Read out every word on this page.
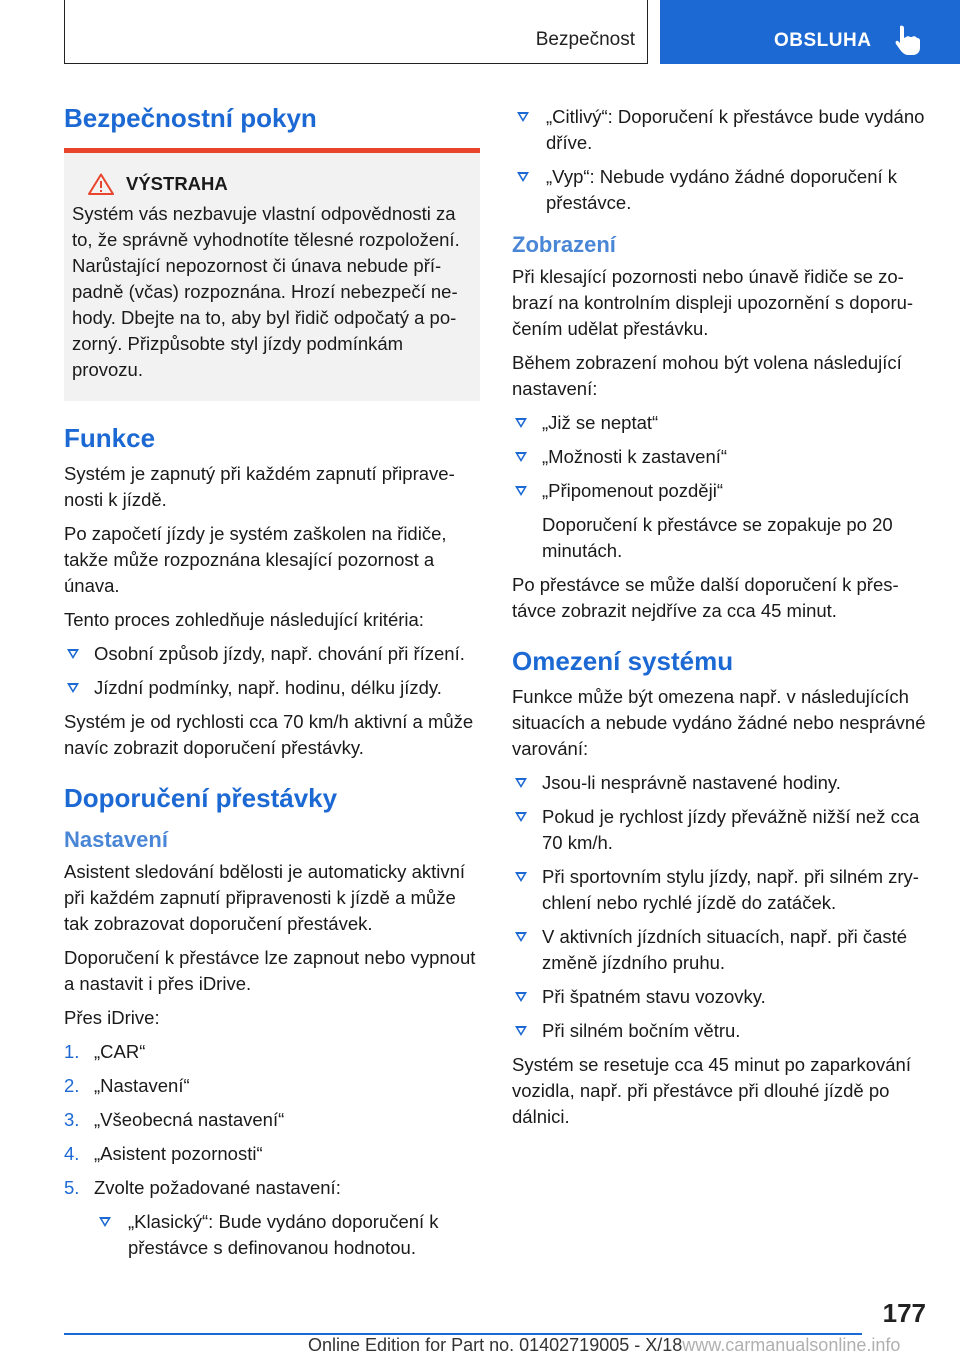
Bezpečnost	OBSLUHA
Bezpečnostní pokyn
VÝSTRAHA

Systém vás nezbavuje vlastní odpovědnosti za to, že správně vyhodnotíte tělesné rozpoložení. Narůstající nepozornost či únava nebude případně (včas) rozpoznána. Hrozí nebezpečí nehody. Dbejte na to, aby byl řidič odpočatý a pozorný. Přizpůsobte styl jízdy podmínkám provozu.

Funkce

Systém je zapnutý při každém zapnutí připravenosti k jízdě.

Po započetí jízdy je systém zaškolen na řidiče, takže může rozpoznána klesající pozornost a únava.

Tento proces zohledňuje následující kritéria:

Osobní způsob jízdy, např. chování při řízení.
Jízdní podmínky, např. hodinu, délku jízdy.

Systém je od rychlosti cca 70 km/h aktivní a může navíc zobrazit doporučení přestávky.

Doporučení přestávky
Nastavení

Asistent sledování bdělosti je automaticky aktivní při každém zapnutí připravenosti k jízdě a může tak zobrazovat doporučení přestávek.

Doporučení k přestávce lze zapnout nebo vypnout a nastavit i přes iDrive.

Přes iDrive:

1. „CAR“
2. „Nastavení“
3. „Všeobecná nastavení“
4. „Asistent pozornosti“
5. Zvolte požadované nastavení:
„Klasický“: Bude vydáno doporučení k přestávce s definovanou hodnotou.
„Citlivý“: Doporučení k přestávce bude vydáno dříve.
„Vyp“: Nebude vydáno žádné doporučení k přestávce.
Zobrazení

Při klesající pozornosti nebo únavě řidiče se zobrazí na kontrolním displeji upozornění s doporučením udělat přestávku.

Během zobrazení mohou být volena následující nastavení:

„Již se neptat“
„Možnosti k zastavení“
„Připomenout později“

Doporučení k přestávce se zopakuje po 20 minutách.

Po přestávce se může další doporučení k přestávce zobrazit nejdříve za cca 45 minut.

Omezení systému

Funkce může být omezena např. v následujících situacích a nebude vydáno žádné nebo nesprávné varování:

Jsou-li nesprávně nastavené hodiny.
Pokud je rychlost jízdy převážně nižší než cca 70 km/h.
Při sportovním stylu jízdy, např. při silném zrychlení nebo rychlé jízdě do zatáček.
V aktivních jízdních situacích, např. při časté změně jízdního pruhu.
Při špatném stavu vozovky.
Při silném bočním větru.

Systém se resetuje cca 45 minut po zaparkování vozidla, např. při přestávce při dlouhé jízdě po dálnici.

177
Online Edition for Part no. 01402719005 - X/18www.carmanualsonline.info
